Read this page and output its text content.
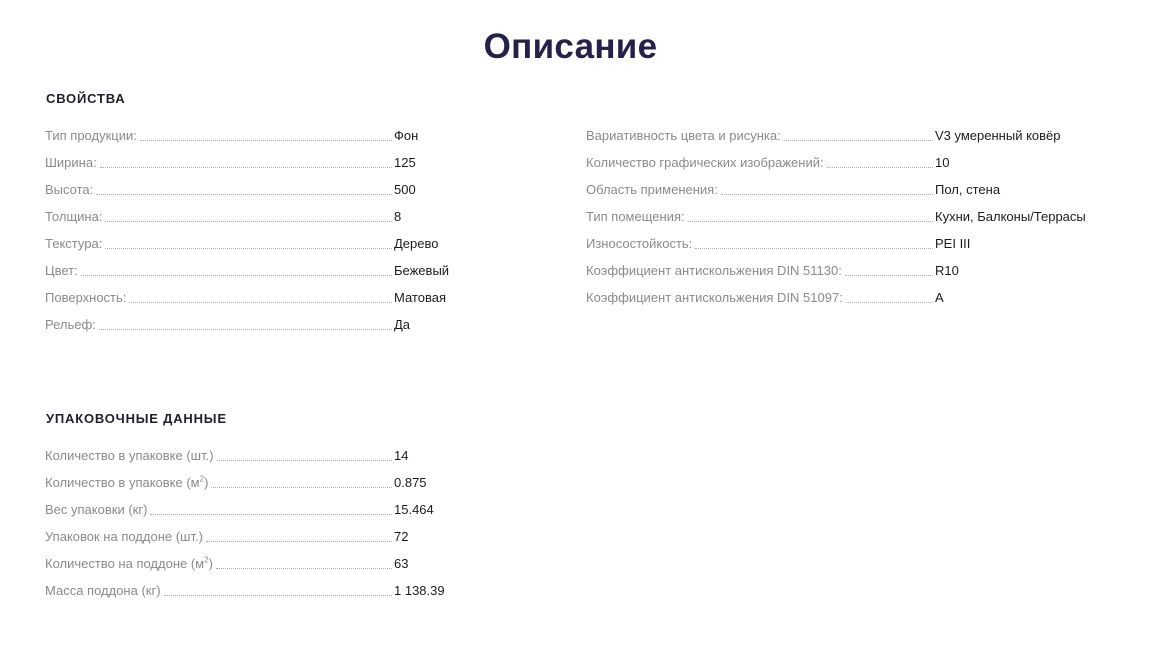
Описание
СВОЙСТВА
Тип продукции:	Фон
Ширина:	125
Высота:	500
Толщина:	8
Текстура:	Дерево
Цвет:	Бежевый
Поверхность:	Матовая
Рельеф:	Да
Вариативность цвета и рисунка:	V3 умеренный ковёр
Количество графических изображений:	10
Область применения:	Пол, стена
Тип помещения:	Кухни, Балконы/Террасы
Износостойкость:	PEI III
Коэффициент антискольжения DIN 51130:	R10
Коэффициент антискольжения DIN 51097:	A
УПАКОВОЧНЫЕ ДАННЫЕ
Количество в упаковке (шт.)	14
Количество в упаковке $(м^2)$	0.875
Вес упаковки (кг)	15.464
Упаковок на поддоне (шт.)	72
Количество на поддоне $(м^2)$	63
Масса поддона (кг)	1 138.39
